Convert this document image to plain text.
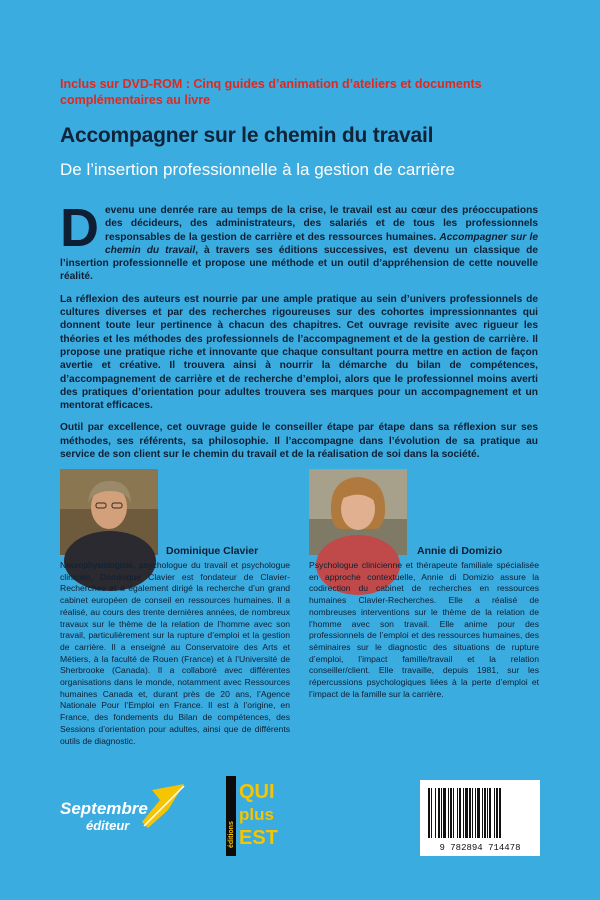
Inclus sur DVD-ROM : Cinq guides d’animation d’ateliers et documents complémentaires au livre
Accompagner sur le chemin du travail
De l’insertion professionnelle à la gestion de carrière

Devenu une denrée rare au temps de la crise, le travail est au cœur des préoccupations des décideurs, des administrateurs, des salariés et de tous les professionnels responsables de la gestion de carrière et des ressources humaines. Accompagner sur le chemin du travail, à travers ses éditions successives, est devenu un classique de l’insertion professionnelle et propose une méthode et un outil d’appréhension de cette nouvelle réalité.

La réflexion des auteurs est nourrie par une ample pratique au sein d’univers professionnels de cultures diverses et par des recherches rigoureuses sur des cohortes impressionnantes qui donnent toute leur pertinence à chacun des chapitres. Cet ouvrage revisite avec rigueur les théories et les méthodes des professionnels de l’accompagnement et de la gestion de carrière. Il propose une pratique riche et innovante que chaque consultant pourra mettre en action de façon avertie et créative. Il trouvera ainsi à nourrir la démarche du bilan de compétences, d’accompagnement de carrière et de recherche d’emploi, alors que le professionnel moins averti des pratiques d’orientation pour adultes trouvera ses marques pour un accompagnement et un mentorat efficaces.

Outil par excellence, cet ouvrage guide le conseiller étape par étape dans sa réflexion sur ses méthodes, ses référents, sa philosophie. Il l’accompagne dans l’évolution de sa pratique au service de son client sur le chemin du travail et de la réalisation de soi dans la société.

Dominique Clavier
Neurophysiologiste, psychologue du travail et psychologue clinicien, Dominique Clavier est fondateur de Clavier-Recherches et a également dirigé la recherche d’un grand cabinet européen de conseil en ressources humaines. Il a réalisé, au cours des trente dernières années, de nombreux travaux sur le thème de la relation de l’homme avec son travail, particulièrement sur la rupture d’emploi et la gestion de carrière. Il a enseigné au Conservatoire des Arts et Métiers, à la faculté de Rouen (France) et à l’Université de Sherbrooke (Canada). Il a collaboré avec différentes organisations dans le monde, notamment avec Ressources humaines Canada et, durant près de 20 ans, l’Agence Nationale Pour l’Emploi en France. Il est à l’origine, en France, des fondements du Bilan de compétences, des Sessions d’orientation pour adultes, ainsi que de différents outils de diagnostic.
Annie di Domizio
Psychologue clinicienne et thérapeute familiale spécialisée en approche contextuelle, Annie di Domizio assure la codirection du cabinet de recherches en ressources humaines Clavier-Recherches. Elle a réalisé de nombreuses interventions sur le thème de la relation de l’homme avec son travail. Elle anime pour des professionnels de l’emploi et des ressources humaines, des séminaires sur le diagnostic des situations de rupture d’emploi, l’impact famille/travail et la relation conseiller/client. Elle travaille, depuis 1981, sur les répercussions psychologiques liées à la perte d’emploi et l’impact de la famille sur la carrière.
Septembre
éditeur	éditions
QUI
plus
EST	9 782894 714478
